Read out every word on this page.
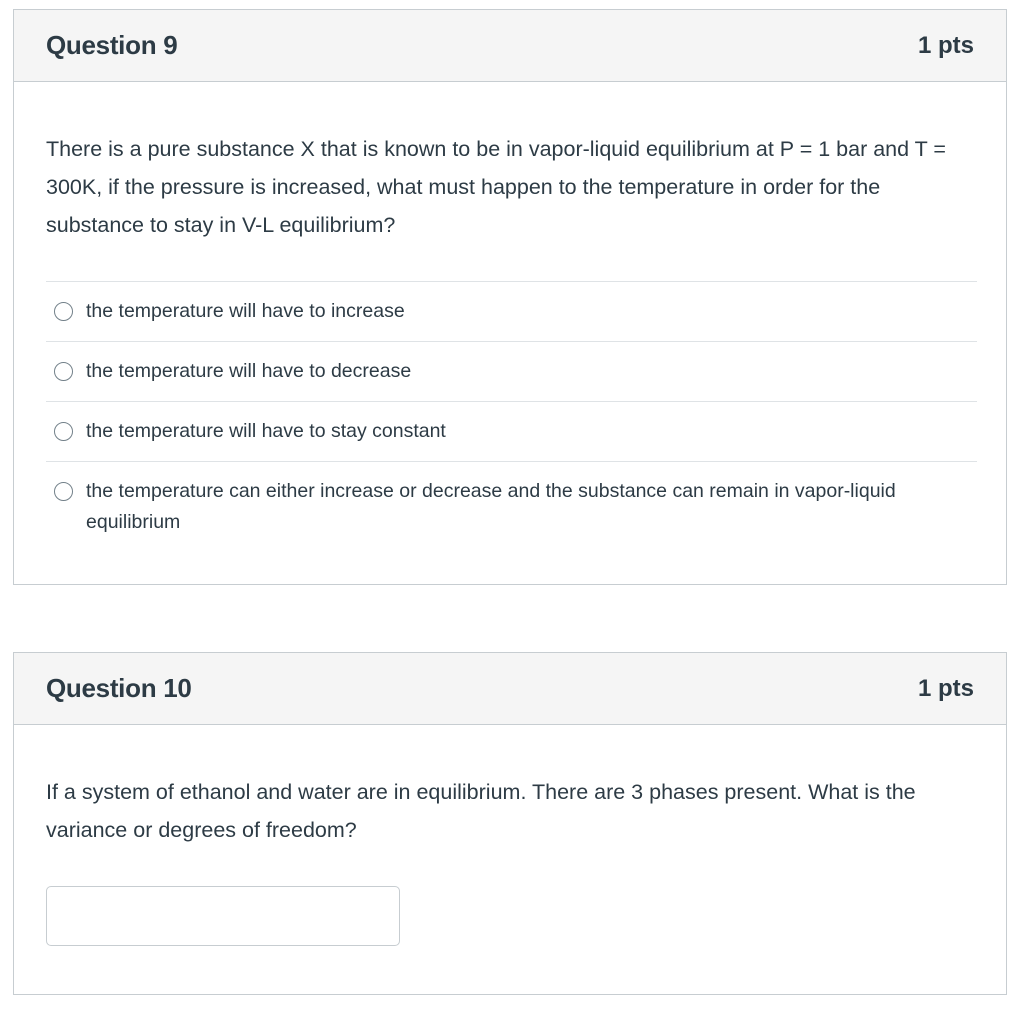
Question 9	1 pts
There is a pure substance X that is known to be in vapor-liquid equilibrium at P = 1 bar and T = 300K, if the pressure is increased, what must happen to the temperature in order for the substance to stay in V-L equilibrium?
the temperature will have to increase
the temperature will have to decrease
the temperature will have to stay constant
the temperature can either increase or decrease and the substance can remain in vapor-liquid equilibrium
Question 10	1 pts
If a system of ethanol and water are in equilibrium. There are 3 phases present. What is the variance or degrees of freedom?
